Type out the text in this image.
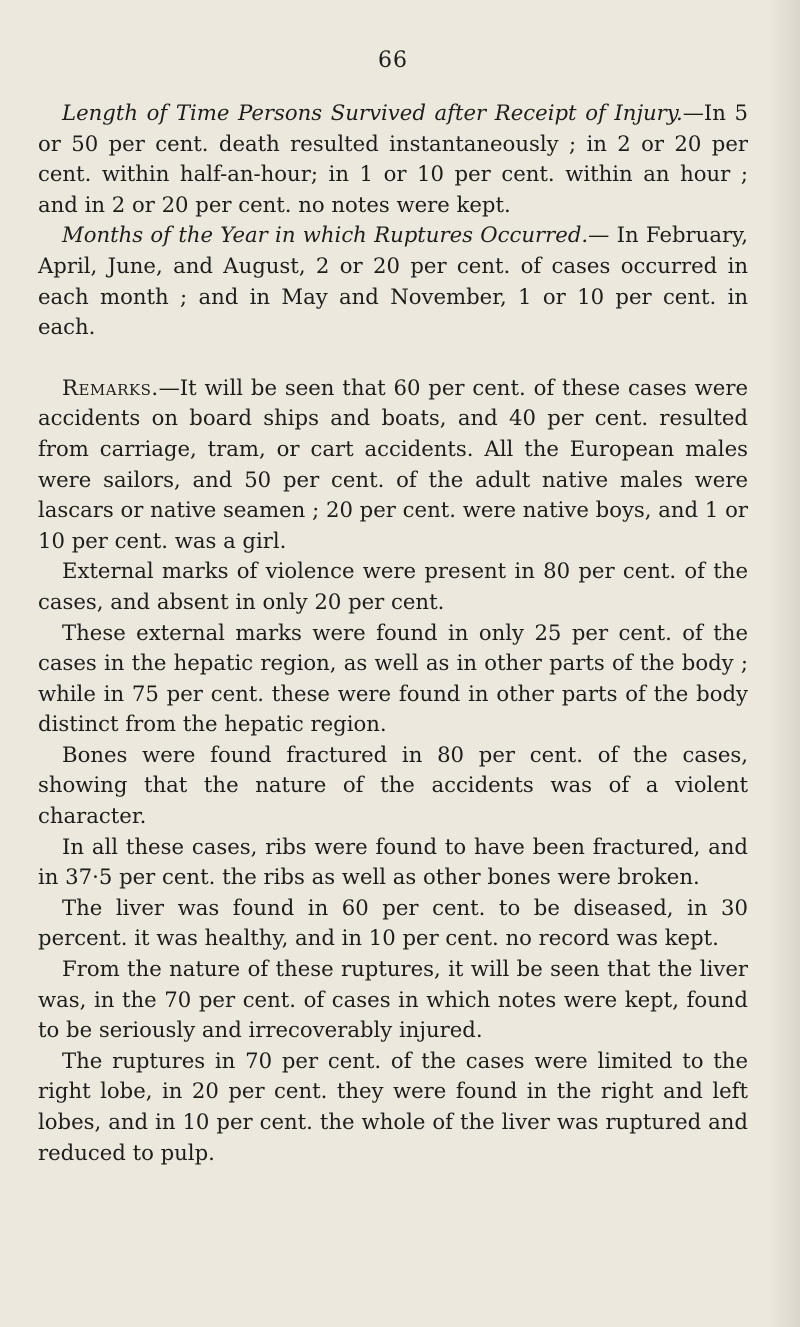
66

Length of Time Persons Survived after Receipt of Injury.—In 5 or 50 per cent. death resulted instantaneously ; in 2 or 20 per cent. within half-an-hour; in 1 or 10 per cent. within an hour ; and in 2 or 20 per cent. no notes were kept.

Months of the Year in which Ruptures Occurred.— In February, April, June, and August, 2 or 20 per cent. of cases occurred in each month ; and in May and November, 1 or 10 per cent. in each.

Remarks.—It will be seen that 60 per cent. of these cases were accidents on board ships and boats, and 40 per cent. resulted from carriage, tram, or cart accidents. All the European males were sailors, and 50 per cent. of the adult native males were lascars or native seamen ; 20 per cent. were native boys, and 1 or 10 per cent. was a girl.

External marks of violence were present in 80 per cent. of the cases, and absent in only 20 per cent.

These external marks were found in only 25 per cent. of the cases in the hepatic region, as well as in other parts of the body ; while in 75 per cent. these were found in other parts of the body distinct from the hepatic region.

Bones were found fractured in 80 per cent. of the cases, showing that the nature of the accidents was of a violent character.

In all these cases, ribs were found to have been fractured, and in 37·5 per cent. the ribs as well as other bones were broken.

The liver was found in 60 per cent. to be diseased, in 30 percent. it was healthy, and in 10 per cent. no record was kept.

From the nature of these ruptures, it will be seen that the liver was, in the 70 per cent. of cases in which notes were kept, found to be seriously and irrecoverably injured.

The ruptures in 70 per cent. of the cases were limited to the right lobe, in 20 per cent. they were found in the right and left lobes, and in 10 per cent. the whole of the liver was ruptured and reduced to pulp.
